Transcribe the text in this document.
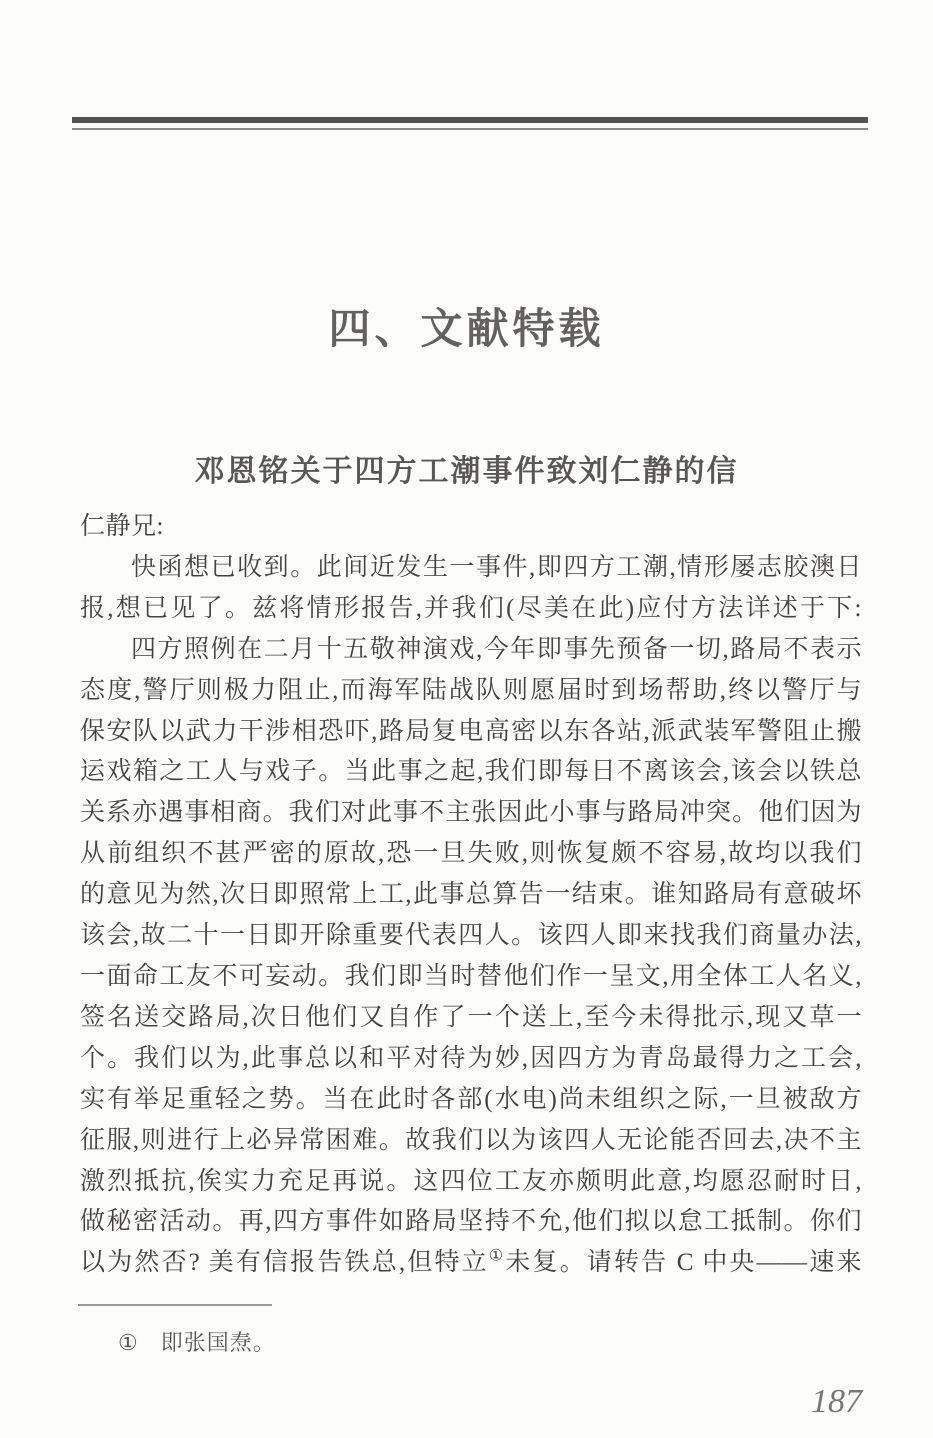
四、文献特载
邓恩铭关于四方工潮事件致刘仁静的信
仁静兄:
快函想已收到。此间近发生一事件,即四方工潮,情形屡志胶澳日
报,想已见了。兹将情形报告,并我们(尽美在此)应付方法详述于下:
四方照例在二月十五敬神演戏,今年即事先预备一切,路局不表示
态度,警厅则极力阻止,而海军陆战队则愿届时到场帮助,终以警厅与
保安队以武力干涉相恐吓,路局复电高密以东各站,派武装军警阻止搬
运戏箱之工人与戏子。当此事之起,我们即每日不离该会,该会以铁总
关系亦遇事相商。我们对此事不主张因此小事与路局冲突。他们因为
从前组织不甚严密的原故,恐一旦失败,则恢复颇不容易,故均以我们
的意见为然,次日即照常上工,此事总算告一结束。谁知路局有意破坏
该会,故二十一日即开除重要代表四人。该四人即来找我们商量办法,
一面命工友不可妄动。我们即当时替他们作一呈文,用全体工人名义,
签名送交路局,次日他们又自作了一个送上,至今未得批示,现又草一
个。我们以为,此事总以和平对待为妙,因四方为青岛最得力之工会,
实有举足重轻之势。当在此时各部(水电)尚未组织之际,一旦被敌方
征服,则进行上必异常困难。故我们以为该四人无论能否回去,决不主
激烈抵抗,俟实力充足再说。这四位工友亦颇明此意,均愿忍耐时日,
做秘密活动。再,四方事件如路局坚持不允,他们拟以怠工抵制。你们
以为然否? 美有信报告铁总,但特立①未复。请转告 C 中央——速来
① 即张国焘。
187
